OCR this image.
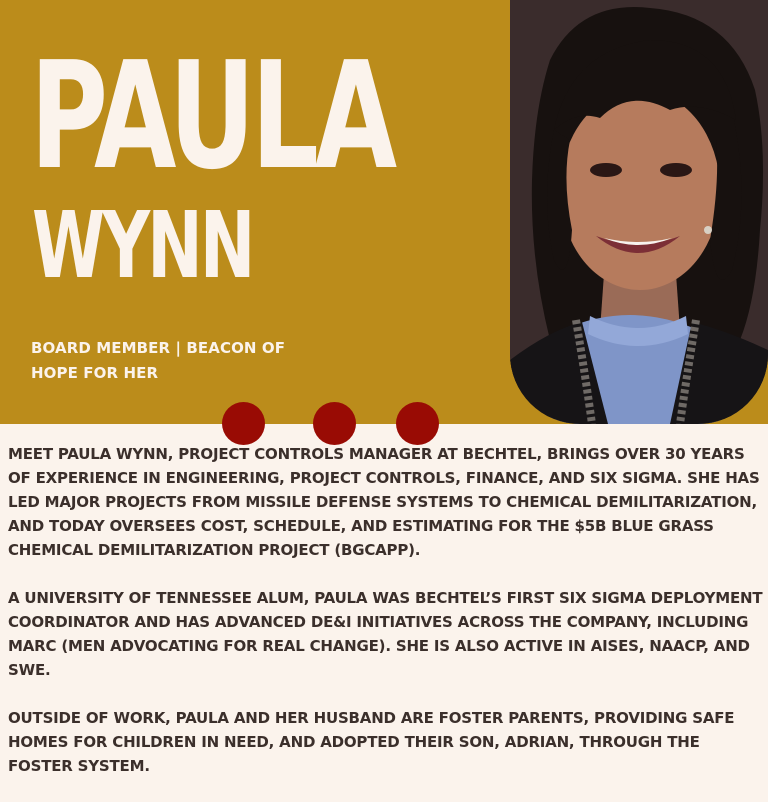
PAULA
WYNN

BOARD MEMBER | BEACON OF
HOPE FOR HER

MEET PAULA WYNN, PROJECT CONTROLS MANAGER AT BECHTEL, BRINGS OVER 30 YEARS OF EXPERIENCE IN ENGINEERING, PROJECT CONTROLS, FINANCE, AND SIX SIGMA. SHE HAS LED MAJOR PROJECTS FROM MISSILE DEFENSE SYSTEMS TO CHEMICAL DEMILITARIZATION, AND TODAY OVERSEES COST, SCHEDULE, AND ESTIMATING FOR THE $5B BLUE GRASS CHEMICAL DEMILITARIZATION PROJECT (BGCAPP).

A UNIVERSITY OF TENNESSEE ALUM, PAULA WAS BECHTEL’S FIRST SIX SIGMA DEPLOYMENT COORDINATOR AND HAS ADVANCED DE&I INITIATIVES ACROSS THE COMPANY, INCLUDING MARC (MEN ADVOCATING FOR REAL CHANGE). SHE IS ALSO ACTIVE IN AISES, NAACP, AND SWE.

OUTSIDE OF WORK, PAULA AND HER HUSBAND ARE FOSTER PARENTS, PROVIDING SAFE HOMES FOR CHILDREN IN NEED, AND ADOPTED THEIR SON, ADRIAN, THROUGH THE FOSTER SYSTEM.
